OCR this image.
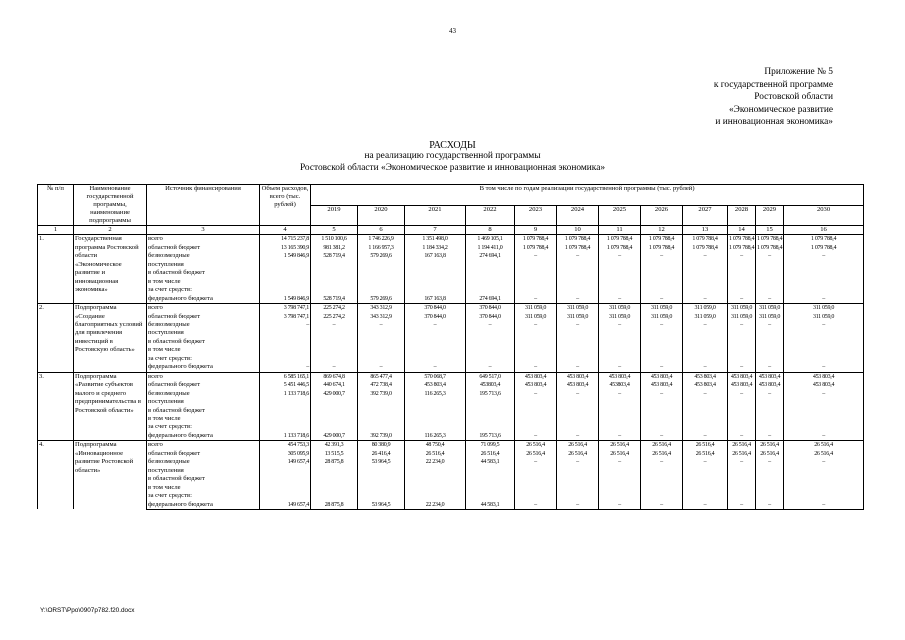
43
Приложение № 5
к государственной программе
Ростовской области
«Экономическое развитие
и инновационная экономика»
РАСХОДЫ
на реализацию государственной программы
Ростовской области «Экономическое развитие и инновационная экономика»
№ п/п	Наименование государственной программы, наименование подпрограммы	Источник финансирования	Объем расходов, всего (тыс. рублей)	В том числе по годам реализации государственной программы (тыс. рублей)											
				2019	2020	2021	2022	2023	2024	2025	2026	2027	2028	2029	2030
1	2	3	4	5	6	7	8	9	10	11	12	13	14	15	16
1.	Государственная программа Ростовской области «Экономическое развитие и инновационная экономика»	всего	14 715 237,8	1 510 100,6	1 746 226,9	1 351 498,0	1 469 105,1	1 079 788,4	1 079 788,4	1 079 788,4	1 079 788,4	1 079 788,4	1 079 788,4	1 079 788,4	1 079 788,4
		областной бюджет	13 165 390,9	981 381,2	1 166 957,3	1 184 334,2	1 194 411,0	1 079 788,4	1 079 788,4	1 079 788,4	1 079 788,4	1 079 788,4	1 079 788,4	1 079 788,4	1 079 788,4
		безвозмездные	1 549 846,9	528 719,4	579 269,6	167 163,8	274 694,1	–	–	–	–	–	–	–	–
		поступления													
		в областной бюджет													
		в том числе													
		за счет средств:													
		федерального бюджета	1 549 846,9	528 719,4	579 269,6	167 163,8	274 694,1	–	–	–	–	–	–	–	–
2.	Подпрограмма «Создание благоприятных условий для привлечения инвестиций в Ростовскую область»	всего	3 798 747,1	225 274,2	343 312,9	370 844,0	370 844,0	311 059,0	311 059,0	311 059,0	311 059,0	311 059,0	311 059,0	311 059,0	311 059,0
		областной бюджет	3 798 747,1	225 274,2	343 312,9	370 844,0	370 844,0	311 059,0	311 059,0	311 059,0	311 059,0	311 059,0	311 059,0	311 059,0	311 059,0
		безвозмездные	–	–	–	–	–	–	–	–	–	–	–	–	–
		поступления													
		в областной бюджет													
		в том числе													
		за счет средств:													
		федерального бюджета	–	–	–	–	–	–	–	–	–	–	–	–	–
3.	Подпрограмма «Развитие субъектов малого и среднего предпринимательства в Ростовской области»	всего	6 585 165,1	869 674,8	865 477,4	570 068,7	649 517,0	453 803,4	453 803,4	453 803,4	453 803,4	453 803,4	453 803,4	453 803,4	453 803,4
		областной бюджет	5 451 446,5	440 674,1	472 738,4	453 803,4	453803,4	453 803,4	453 803,4	453803,4	453 803,4	453 803,4	453 803,4	453 803,4	453 803,4
		безвозмездные	1 133 718,6	429 000,7	392 739,0	116 265,3	195 713,6	–	–	–	–	–	–	–	–
		поступления													
		в областной бюджет													
		в том числе													
		за счет средств:													
		федерального бюджета	1 133 718,6	429 000,7	392 739,0	116 265,3	195 713,6	–	–	–	–	–	–	–	–
4.	Подпрограмма «Инновационное развитие Ростовской области»	всего	454 753,3	42 391,3	80 380,9	48 750,4	71 099,5	26 516,4	26 516,4	26 516,4	26 516,4	26 516,4	26 516,4	26 516,4	26 516,4
		областной бюджет	305 095,9	13 515,5	26 416,4	26 516,4	26 516,4	26 516,4	26 516,4	26 516,4	26 516,4	26 516,4	26 516,4	26 516,4	26 516,4
		безвозмездные	149 657,4	28 875,8	53 964,5	22 234,0	44 583,1	–	–	–	–	–	–	–	–
		поступления													
		в областной бюджет													
		в том числе													
		за счет средств:													
		федерального бюджета	149 657,4	28 875,8	53 964,5	22 234,0	44 583,1	–	–	–	–	–	–	–	–
Y:\ORST\Ppo\0907p782.f20.docx
